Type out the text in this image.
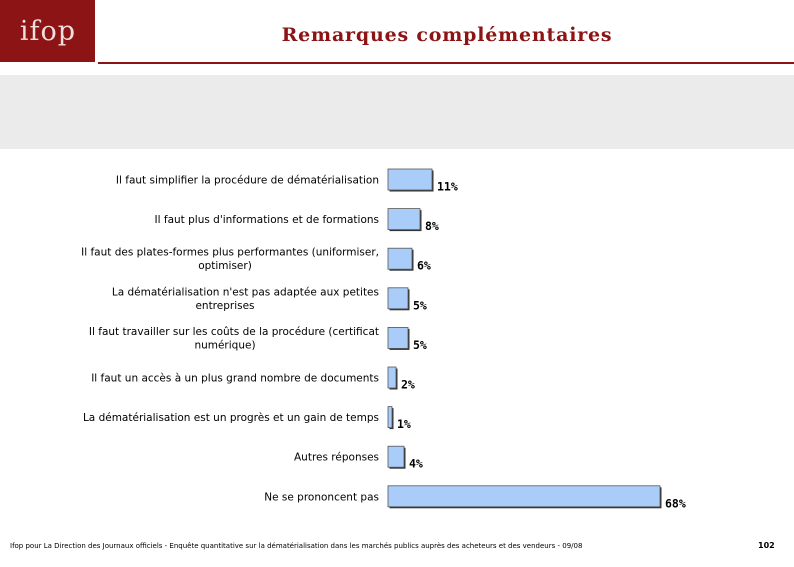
ifop	Remarques complémentaires
11%
Il faut simplifier la procédure de dématérialisation
8%
Il faut plus d'informations et de formations
6%
Il faut des plates-formes plus performantes (uniformiser, optimiser)
5%
La dématérialisation n'est pas adaptée aux petites entreprises
5%
Il faut travailler sur les coûts de la procédure (certificat numérique)
2%
Il faut un accès à un plus grand nombre de documents
1%
La dématérialisation est un progrès et un gain de temps
4%
Autres réponses
68%
Ne se prononcent pas
Ifop pour La Direction des Journaux officiels - Enquête quantitative sur la dématérialisation dans les marchés publics auprès des acheteurs et des vendeurs - 09/08	102
